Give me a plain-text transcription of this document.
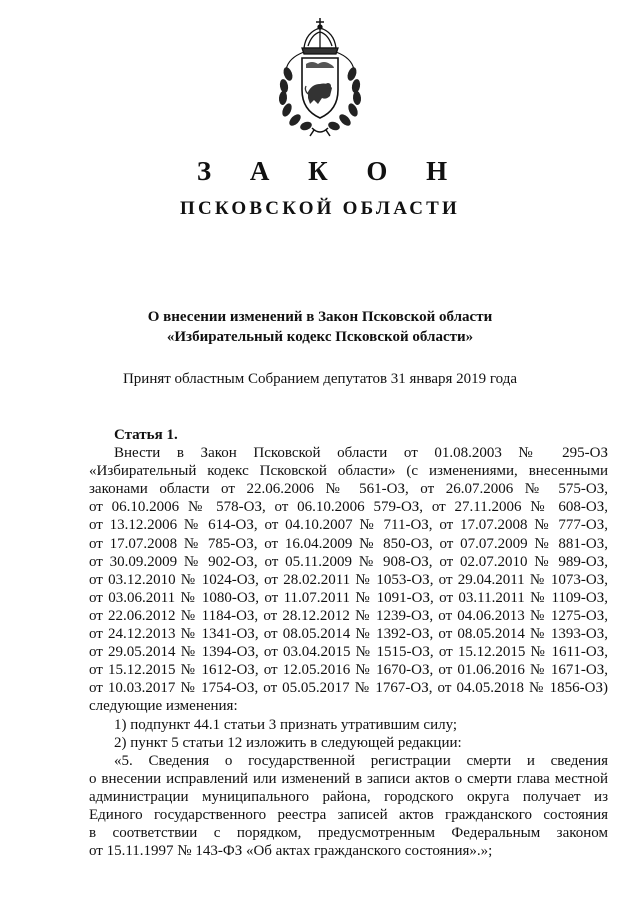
З А К О Н
ПСКОВСКОЙ ОБЛАСТИ
О внесении изменений в Закон Псковской области
«Избирательный кодекс Псковской области»
Принят областным Собранием депутатов 31 января 2019 года

Статья 1.

Внести в Закон Псковской области от 01.08.2003 № 295-ОЗ

«Избирательный кодекс Псковской области» (с изменениями, внесенными

законами области от 22.06.2006 № 561-ОЗ, от 26.07.2006 № 575-ОЗ,

от 06.10.2006 № 578-ОЗ, от 06.10.2006 579-ОЗ, от 27.11.2006 № 608-ОЗ,

от 13.12.2006 № 614-ОЗ, от 04.10.2007 № 711-ОЗ, от 17.07.2008 № 777-ОЗ,

от 17.07.2008 № 785-ОЗ, от 16.04.2009 № 850-ОЗ, от 07.07.2009 № 881-ОЗ,

от 30.09.2009 № 902-ОЗ, от 05.11.2009 № 908-ОЗ, от 02.07.2010 № 989-ОЗ,

от 03.12.2010 № 1024-ОЗ, от 28.02.2011 № 1053-ОЗ, от 29.04.2011 № 1073-ОЗ,

от 03.06.2011 № 1080-ОЗ, от 11.07.2011 № 1091-ОЗ, от 03.11.2011 № 1109-ОЗ,

от 22.06.2012 № 1184-ОЗ, от 28.12.2012 № 1239-ОЗ, от 04.06.2013 № 1275-ОЗ,

от 24.12.2013 № 1341-ОЗ, от 08.05.2014 № 1392-ОЗ, от 08.05.2014 № 1393-ОЗ,

от 29.05.2014 № 1394-ОЗ, от 03.04.2015 № 1515-ОЗ, от 15.12.2015 № 1611-ОЗ,

от 15.12.2015 № 1612-ОЗ, от 12.05.2016 № 1670-ОЗ, от 01.06.2016 № 1671-ОЗ,

от 10.03.2017 № 1754-ОЗ, от 05.05.2017 № 1767-ОЗ, от 04.05.2018 № 1856-ОЗ)

следующие изменения:

1) подпункт 44.1 статьи 3 признать утратившим силу;

2) пункт 5 статьи 12 изложить в следующей редакции:

«5. Сведения о государственной регистрации смерти и сведения

о внесении исправлений или изменений в записи актов о смерти глава местной

администрации муниципального района, городского округа получает из

Единого государственного реестра записей актов гражданского состояния

в соответствии с порядком, предусмотренным Федеральным законом

от 15.11.1997 № 143-ФЗ «Об актах гражданского состояния».»;
